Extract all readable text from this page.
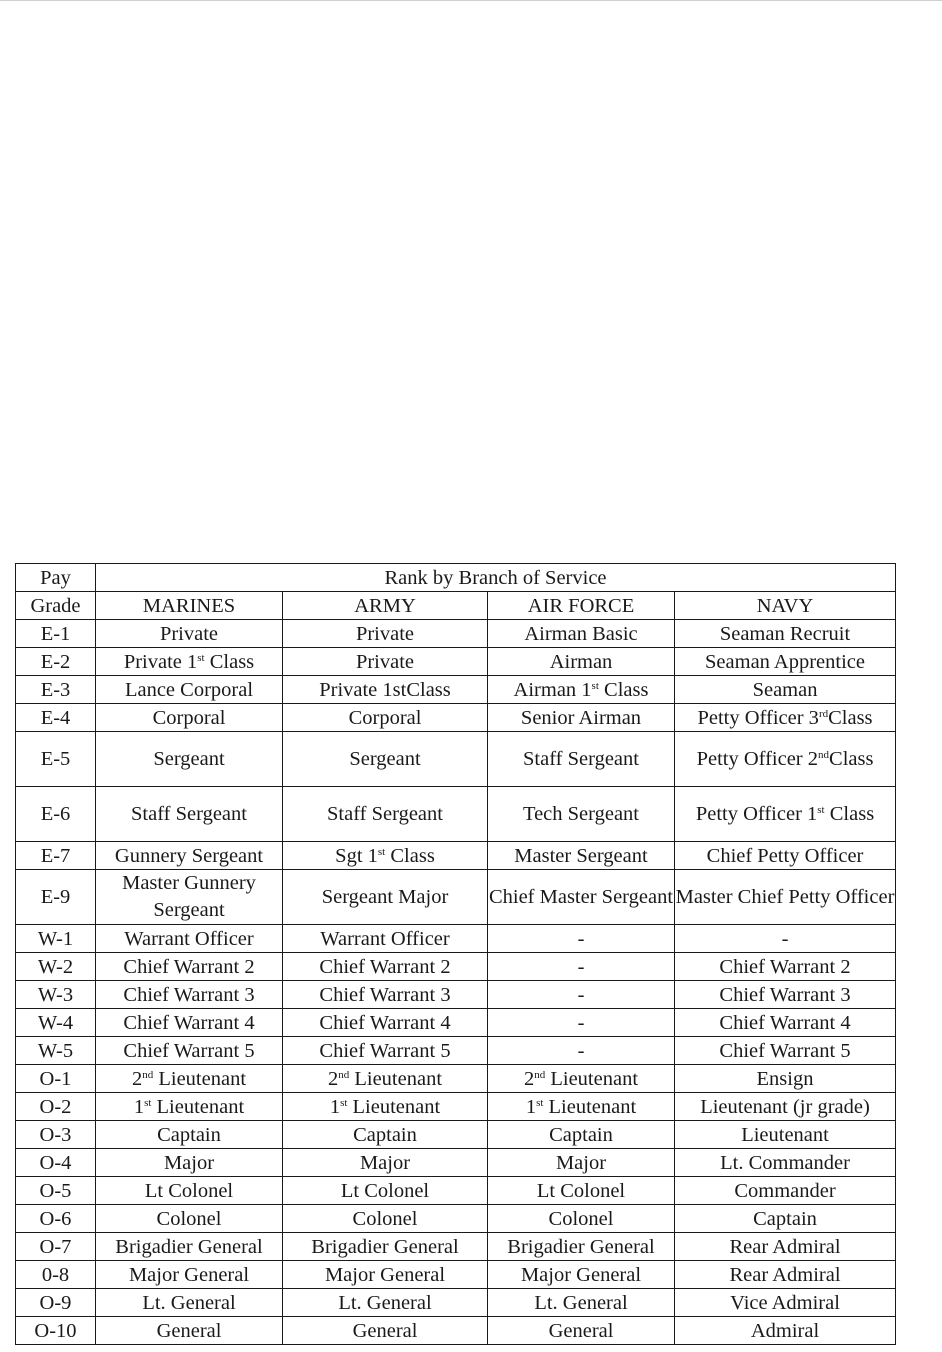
Pay	Rank by Branch of Service			
Grade	MARINES	ARMY	AIR FORCE	NAVY
E-1	Private	Private	Airman Basic	Seaman Recruit
E-2	Private 1st Class	Private	Airman	Seaman Apprentice
E-3	Lance Corporal	Private 1stClass	Airman 1st Class	Seaman
E-4	Corporal	Corporal	Senior Airman	Petty Officer 3rdClass
E-5	Sergeant	Sergeant	Staff Sergeant	Petty Officer 2ndClass
E-6	Staff Sergeant	Staff Sergeant	Tech Sergeant	Petty Officer 1st Class
E-7	Gunnery Sergeant	Sgt 1st Class	Master Sergeant	Chief Petty Officer
E-9	Master Gunnery Sergeant	Sergeant Major	Chief Master Sergeant	Master Chief Petty Officer
W-1	Warrant Officer	Warrant Officer	-	-
W-2	Chief Warrant 2	Chief Warrant 2	-	Chief Warrant 2
W-3	Chief Warrant 3	Chief Warrant 3	-	Chief Warrant 3
W-4	Chief Warrant 4	Chief Warrant 4	-	Chief Warrant 4
W-5	Chief Warrant 5	Chief Warrant 5	-	Chief Warrant 5
O-1	2nd Lieutenant	2nd Lieutenant	2nd Lieutenant	Ensign
O-2	1st Lieutenant	1st Lieutenant	1st Lieutenant	Lieutenant (jr grade)
O-3	Captain	Captain	Captain	Lieutenant
O-4	Major	Major	Major	Lt. Commander
O-5	Lt Colonel	Lt Colonel	Lt Colonel	Commander
O-6	Colonel	Colonel	Colonel	Captain
O-7	Brigadier General	Brigadier General	Brigadier General	Rear Admiral
0-8	Major General	Major General	Major General	Rear Admiral
O-9	Lt. General	Lt. General	Lt. General	Vice Admiral
O-10	General	General	General	Admiral
